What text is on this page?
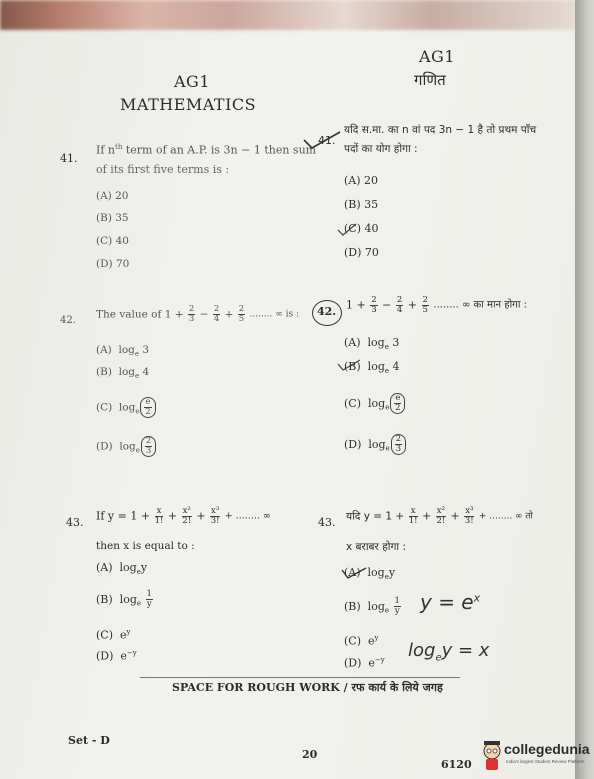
AG1
AG1
MATHEMATICS
गणित
41.
If $n^{th}$ term of an A.P. is 3n − 1 then sum
of its first five terms is :
(A) 20
(B) 35
(C) 40
(D) 70
41.
यदि स.मा. का n वां पद 3n − 1 है तो प्रथम पाँच
पदों का योग होगा :
(A) 20
(B) 35
(C) 40
(D) 70
42. The value of $1 + \frac{2}{3} - \frac{2}{4} + \frac{2}{5}$ ........ ∞ is :
(A) $\log_e 3$
(B) $\log_e 4$
(C) $\log_e \frac{e}{2}$
(D) $\log_e \frac{2}{3}$
42. $1 + \frac{2}{3} - \frac{2}{4} + \frac{2}{5}$ ........ ∞ का मान होगा :
(A) $\log_e 3$
(B) $\log_e 4$
(C) $\log_e \frac{e}{2}$
(D) $\log_e \frac{2}{3}$
43. If $y = 1 + \frac{x}{1!} + \frac{\text{x²}}{2!} + \frac{\text{x³}}{3!}$ + ........ ∞
then x is equal to :
(A) $\log_ey$
(B) $\log_e \frac{1}{y}$
(C) $e^y$
(D) $e^{-y}$
43. यदि $y = 1 + \frac{x}{1!} + \frac{\text{x²}}{2!} + \frac{\text{x³}}{3!}$ + ........ ∞ तो
x बराबर होगा :
(A) $\log_ey$
(B) $\log_e \frac{1}{y}$ $y = e^x$
(C) $e^y$
(D) $e^{-y}$ $\log_ey = x$
SPACE FOR ROUGH WORK / रफ कार्य के लिये जगह
Set - D
20
6120
collegedunia
India's largest Student Review Platform
